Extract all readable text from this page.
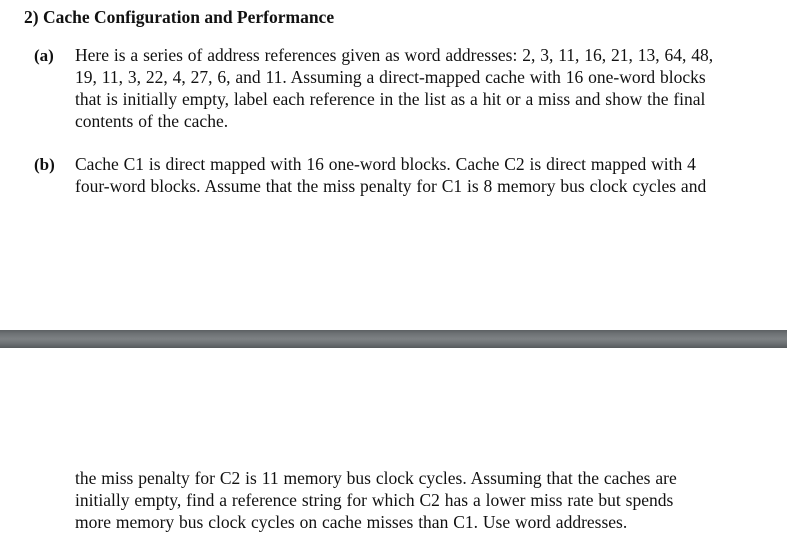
2) Cache Configuration and Performance
(a) Here is a series of address references given as word addresses: 2, 3, 11, 16, 21, 13, 64, 48,
19, 11, 3, 22, 4, 27, 6, and 11. Assuming a direct-mapped cache with 16 one-word blocks
that is initially empty, label each reference in the list as a hit or a miss and show the final
contents of the cache.
(b) Cache C1 is direct mapped with 16 one-word blocks. Cache C2 is direct mapped with 4
four-word blocks. Assume that the miss penalty for C1 is 8 memory bus clock cycles and
the miss penalty for C2 is 11 memory bus clock cycles. Assuming that the caches are
initially empty, find a reference string for which C2 has a lower miss rate but spends
more memory bus clock cycles on cache misses than C1. Use word addresses.
